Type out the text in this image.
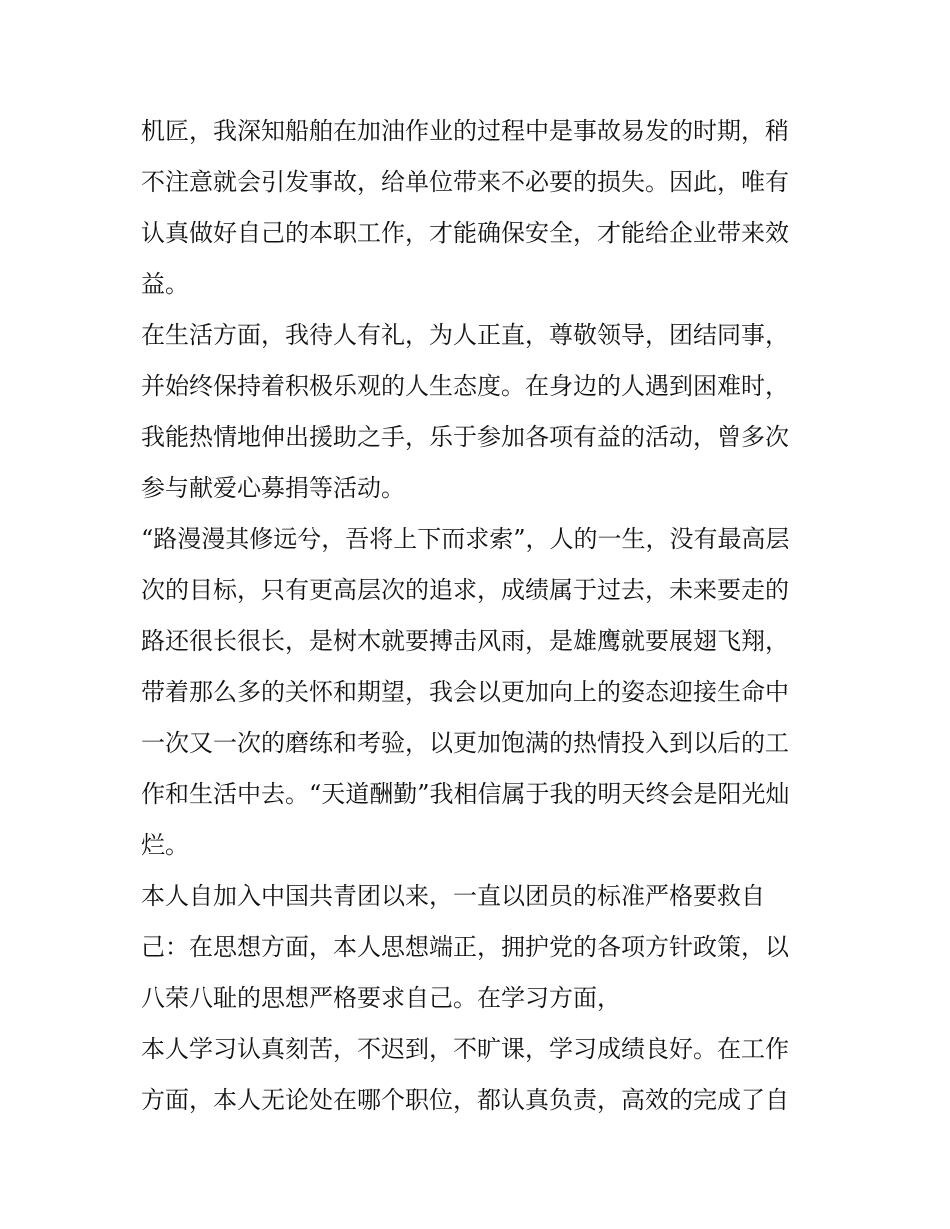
机匠，我深知船舶在加油作业的过程中是事故易发的时期，稍
不注意就会引发事故，给单位带来不必要的损失。因此，唯有
认真做好自己的本职工作，才能确保安全，才能给企业带来效
益。
在生活方面，我待人有礼，为人正直，尊敬领导，团结同事，
并始终保持着积极乐观的人生态度。在身边的人遇到困难时，
我能热情地伸出援助之手，乐于参加各项有益的活动，曾多次
参与献爱心募捐等活动。
“路漫漫其修远兮，吾将上下而求索”，人的一生，没有最高层
次的目标，只有更高层次的追求，成绩属于过去，未来要走的
路还很长很长，是树木就要搏击风雨，是雄鹰就要展翅飞翔，
带着那么多的关怀和期望，我会以更加向上的姿态迎接生命中
一次又一次的磨练和考验，以更加饱满的热情投入到以后的工
作和生活中去。“天道酬勤”我相信属于我的明天终会是阳光灿
烂。
本人自加入中国共青团以来，一直以团员的标准严格要救自
己：在思想方面，本人思想端正，拥护党的各项方针政策，以
八荣八耻的思想严格要求自己。在学习方面，
本人学习认真刻苦，不迟到，不旷课，学习成绩良好。在工作
方面，本人无论处在哪个职位，都认真负责，高效的完成了自
